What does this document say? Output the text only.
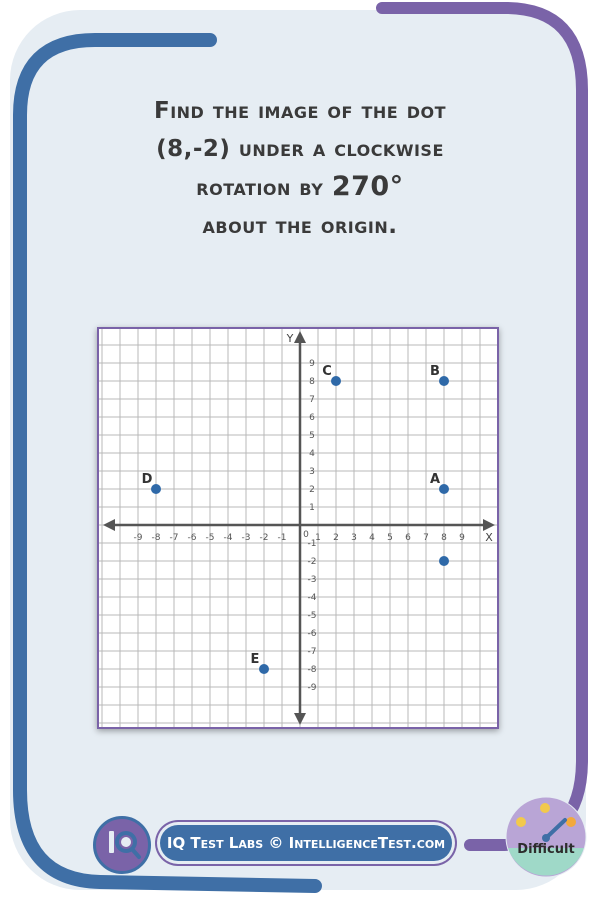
Find the image of the dot
(8,-2) under a clockwise
rotation by 270°
about the origin.
-9 -8 -7 -6 -5 -4 -3 -2 -1	1 2 3 4 5 6 7 8 9
9
8
7
6
5
4
3
2
1
-1
-2
-3
-4
-5
-6
-7
-8
-9
0	X
Y
A
B
C
D
E
IQ Test Labs © IntelligenceTest.com	Difficult
